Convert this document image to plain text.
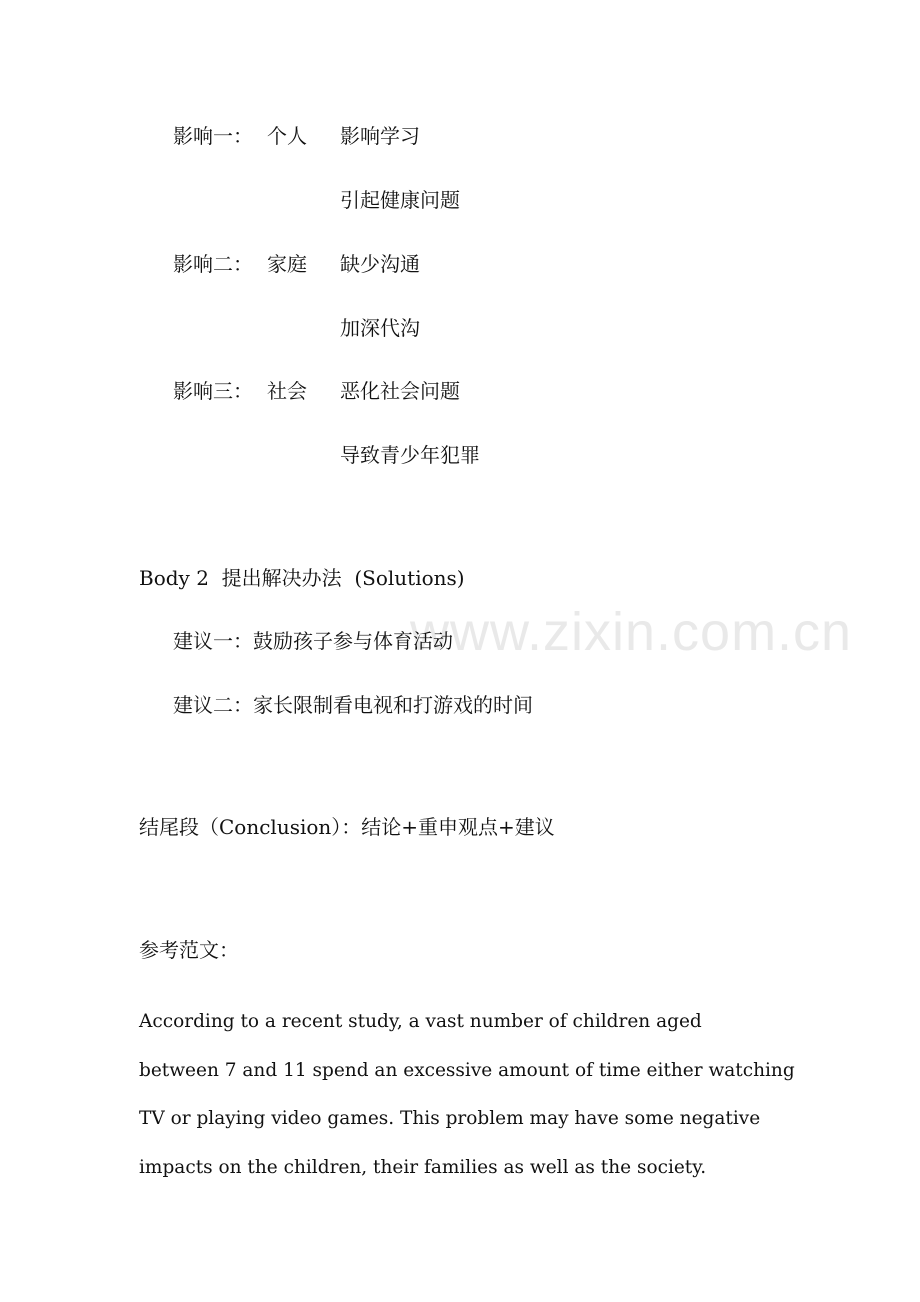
www.zixin.com.cn
影响一： 个人 影响学习
引起健康问题
影响二： 家庭 缺少沟通
加深代沟
影响三： 社会 恶化社会问题
导致青少年犯罪
Body 2  提出解决办法  (Solutions)
建议一：鼓励孩子参与体育活动
建议二：家长限制看电视和打游戏的时间
结尾段（Conclusion）：结论+重申观点+建议
参考范文：
According to a recent study, a vast number of children aged
between 7 and 11 spend an excessive amount of time either watching
TV or playing video games. This problem may have some negative
impacts on the children, their families as well as the society.
